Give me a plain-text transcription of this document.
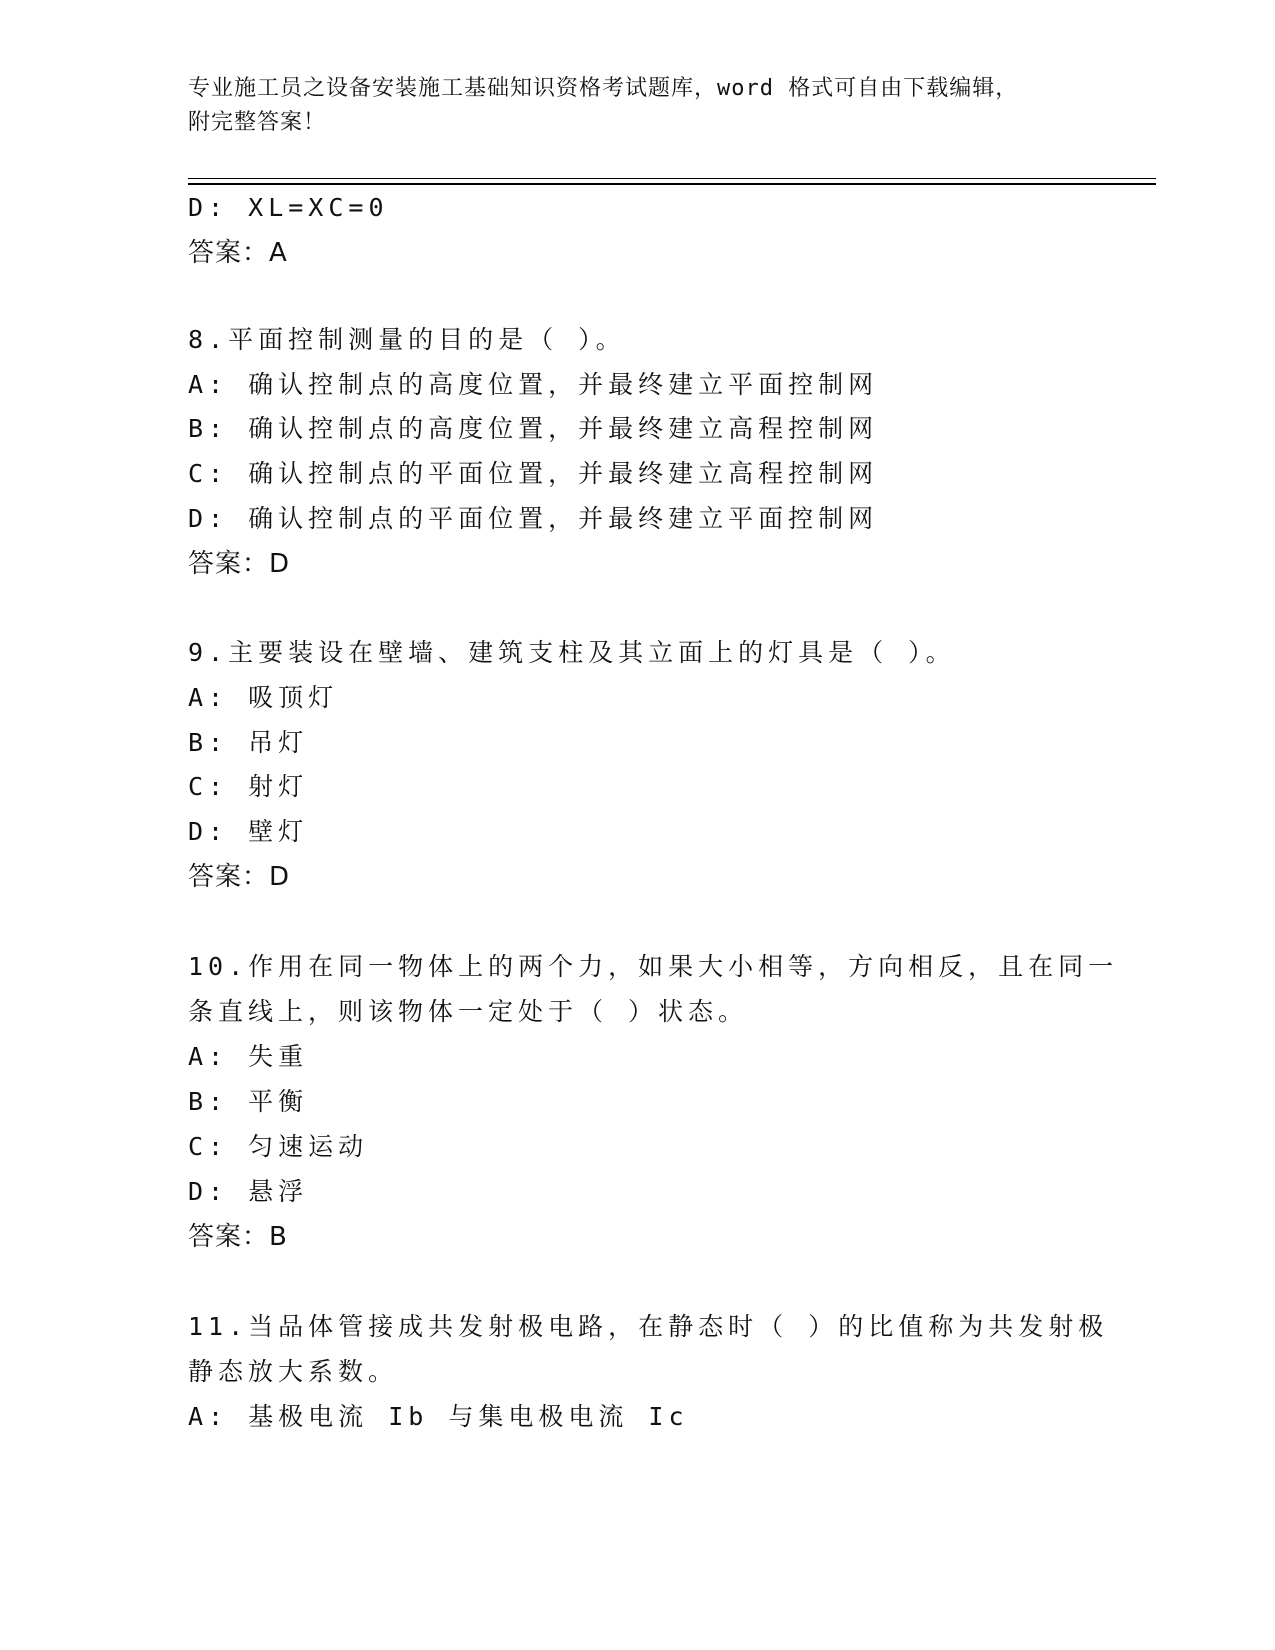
专业施工员之设备安装施工基础知识资格考试题库，word 格式可自由下载编辑，
附完整答案！
D: XL=XC=0
答案：A
8.平面控制测量的目的是（ ）。
A: 确认控制点的高度位置，并最终建立平面控制网
B: 确认控制点的高度位置，并最终建立高程控制网
C: 确认控制点的平面位置，并最终建立高程控制网
D: 确认控制点的平面位置，并最终建立平面控制网
答案：D
9.主要装设在壁墙、建筑支柱及其立面上的灯具是（ ）。
A: 吸顶灯
B: 吊灯
C: 射灯
D: 壁灯
答案：D
10.作用在同一物体上的两个力，如果大小相等，方向相反，且在同一
条直线上，则该物体一定处于（ ）状态。
A: 失重
B: 平衡
C: 匀速运动
D: 悬浮
答案：B
11.当品体管接成共发射极电路，在静态时（ ）的比值称为共发射极
静态放大系数。
A: 基极电流 Ib 与集电极电流 Ic
